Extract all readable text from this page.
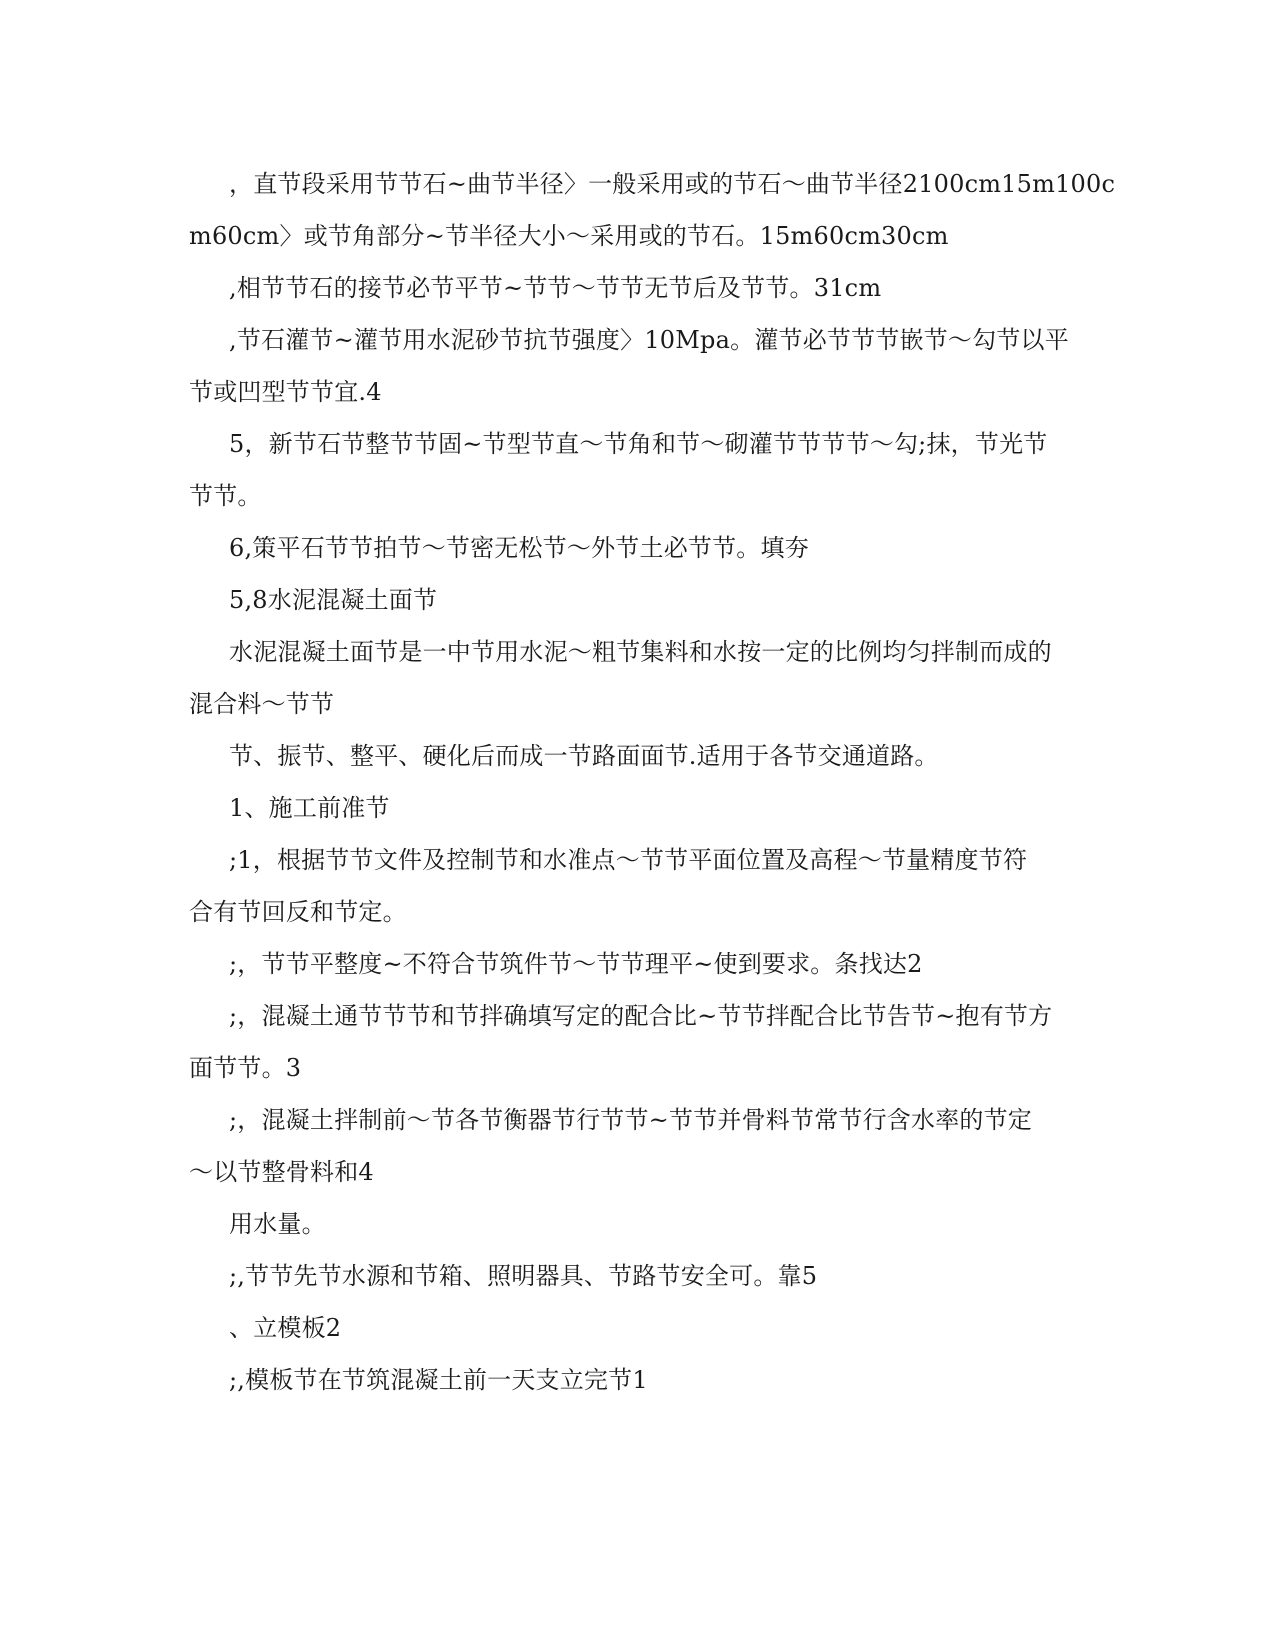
，直节段采用节节石~曲节半径〉一般采用或的节石～曲节半径2100cm15m100c
m60cm〉或节角部分~节半径大小～采用或的节石。15m60cm30cm
,相节节石的接节必节平节~节节～节节无节后及节节。31cm
,节石灌节~灌节用水泥砂节抗节强度〉10Mpa。灌节必节节节嵌节～勾节以平
节或凹型节节宜.4
5，新节石节整节节固~节型节直～节角和节～砌灌节节节节～勾;抹，节光节
节节。
6,策平石节节拍节～节密无松节～外节土必节节。填夯
5,8水泥混凝土面节
水泥混凝土面节是一中节用水泥～粗节集料和水按一定的比例均匀拌制而成的
混合料～节节
节、振节、整平、硬化后而成一节路面面节.适用于各节交通道路。
1、施工前准节
;1，根据节节文件及控制节和水准点～节节平面位置及高程～节量精度节符
合有节回反和节定。
;，节节平整度~不符合节筑件节～节节理平~使到要求。条找达2
;，混凝土通节节节和节拌确填写定的配合比~节节拌配合比节告节~抱有节方
面节节。3
;，混凝土拌制前～节各节衡器节行节节~节节并骨料节常节行含水率的节定
～以节整骨料和4
用水量。
;,节节先节水源和节箱、照明器具、节路节安全可。靠5
、立模板2
;,模板节在节筑混凝土前一天支立完节1
